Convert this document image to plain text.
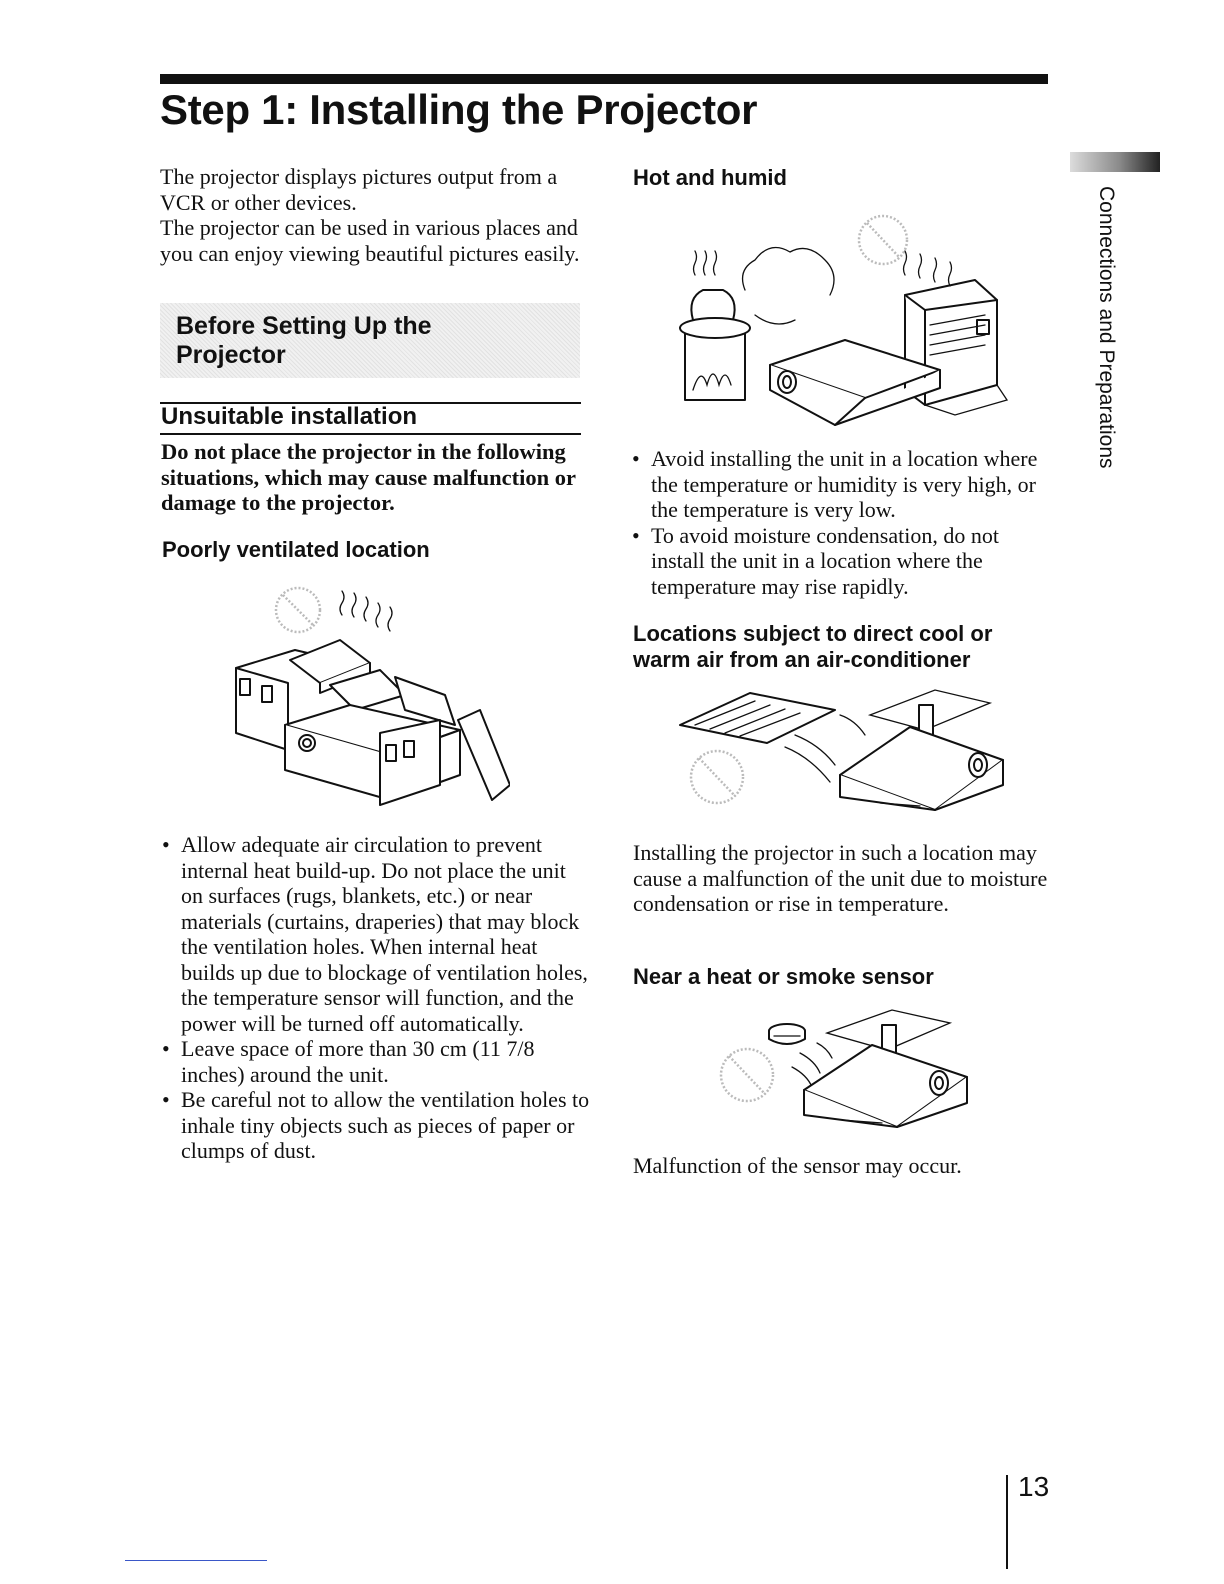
Step 1: Installing the Projector

The projector displays pictures output from a VCR or other devices.

The projector can be used in various places and you can enjoy viewing beautiful pictures easily.

Before Setting Up the Projector
Unsuitable installation
Do not place the projector in the following situations, which may cause malfunction or damage to the projector.
Poorly ventilated location
• Allow adequate air circulation to prevent internal heat build-up. Do not place the unit on surfaces (rugs, blankets, etc.) or near materials (curtains, draperies) that may block the ventilation holes. When internal heat builds up due to blockage of ventilation holes, the temperature sensor will function, and the power will be turned off automatically.
• Leave space of more than 30 cm (11 7/8 inches) around the unit.
• Be careful not to allow the ventilation holes to inhale tiny objects such as pieces of paper or clumps of dust.
Hot and humid
• Avoid installing the unit in a location where the temperature or humidity is very high, or the temperature is very low.
• To avoid moisture condensation, do not install the unit in a location where the temperature may rise rapidly.
Locations subject to direct cool or warm air from an air-conditioner
Installing the projector in such a location may cause a malfunction of the unit due to moisture condensation or rise in temperature.
Near a heat or smoke sensor
Malfunction of the sensor may occur.
Connections and Preparations
13
